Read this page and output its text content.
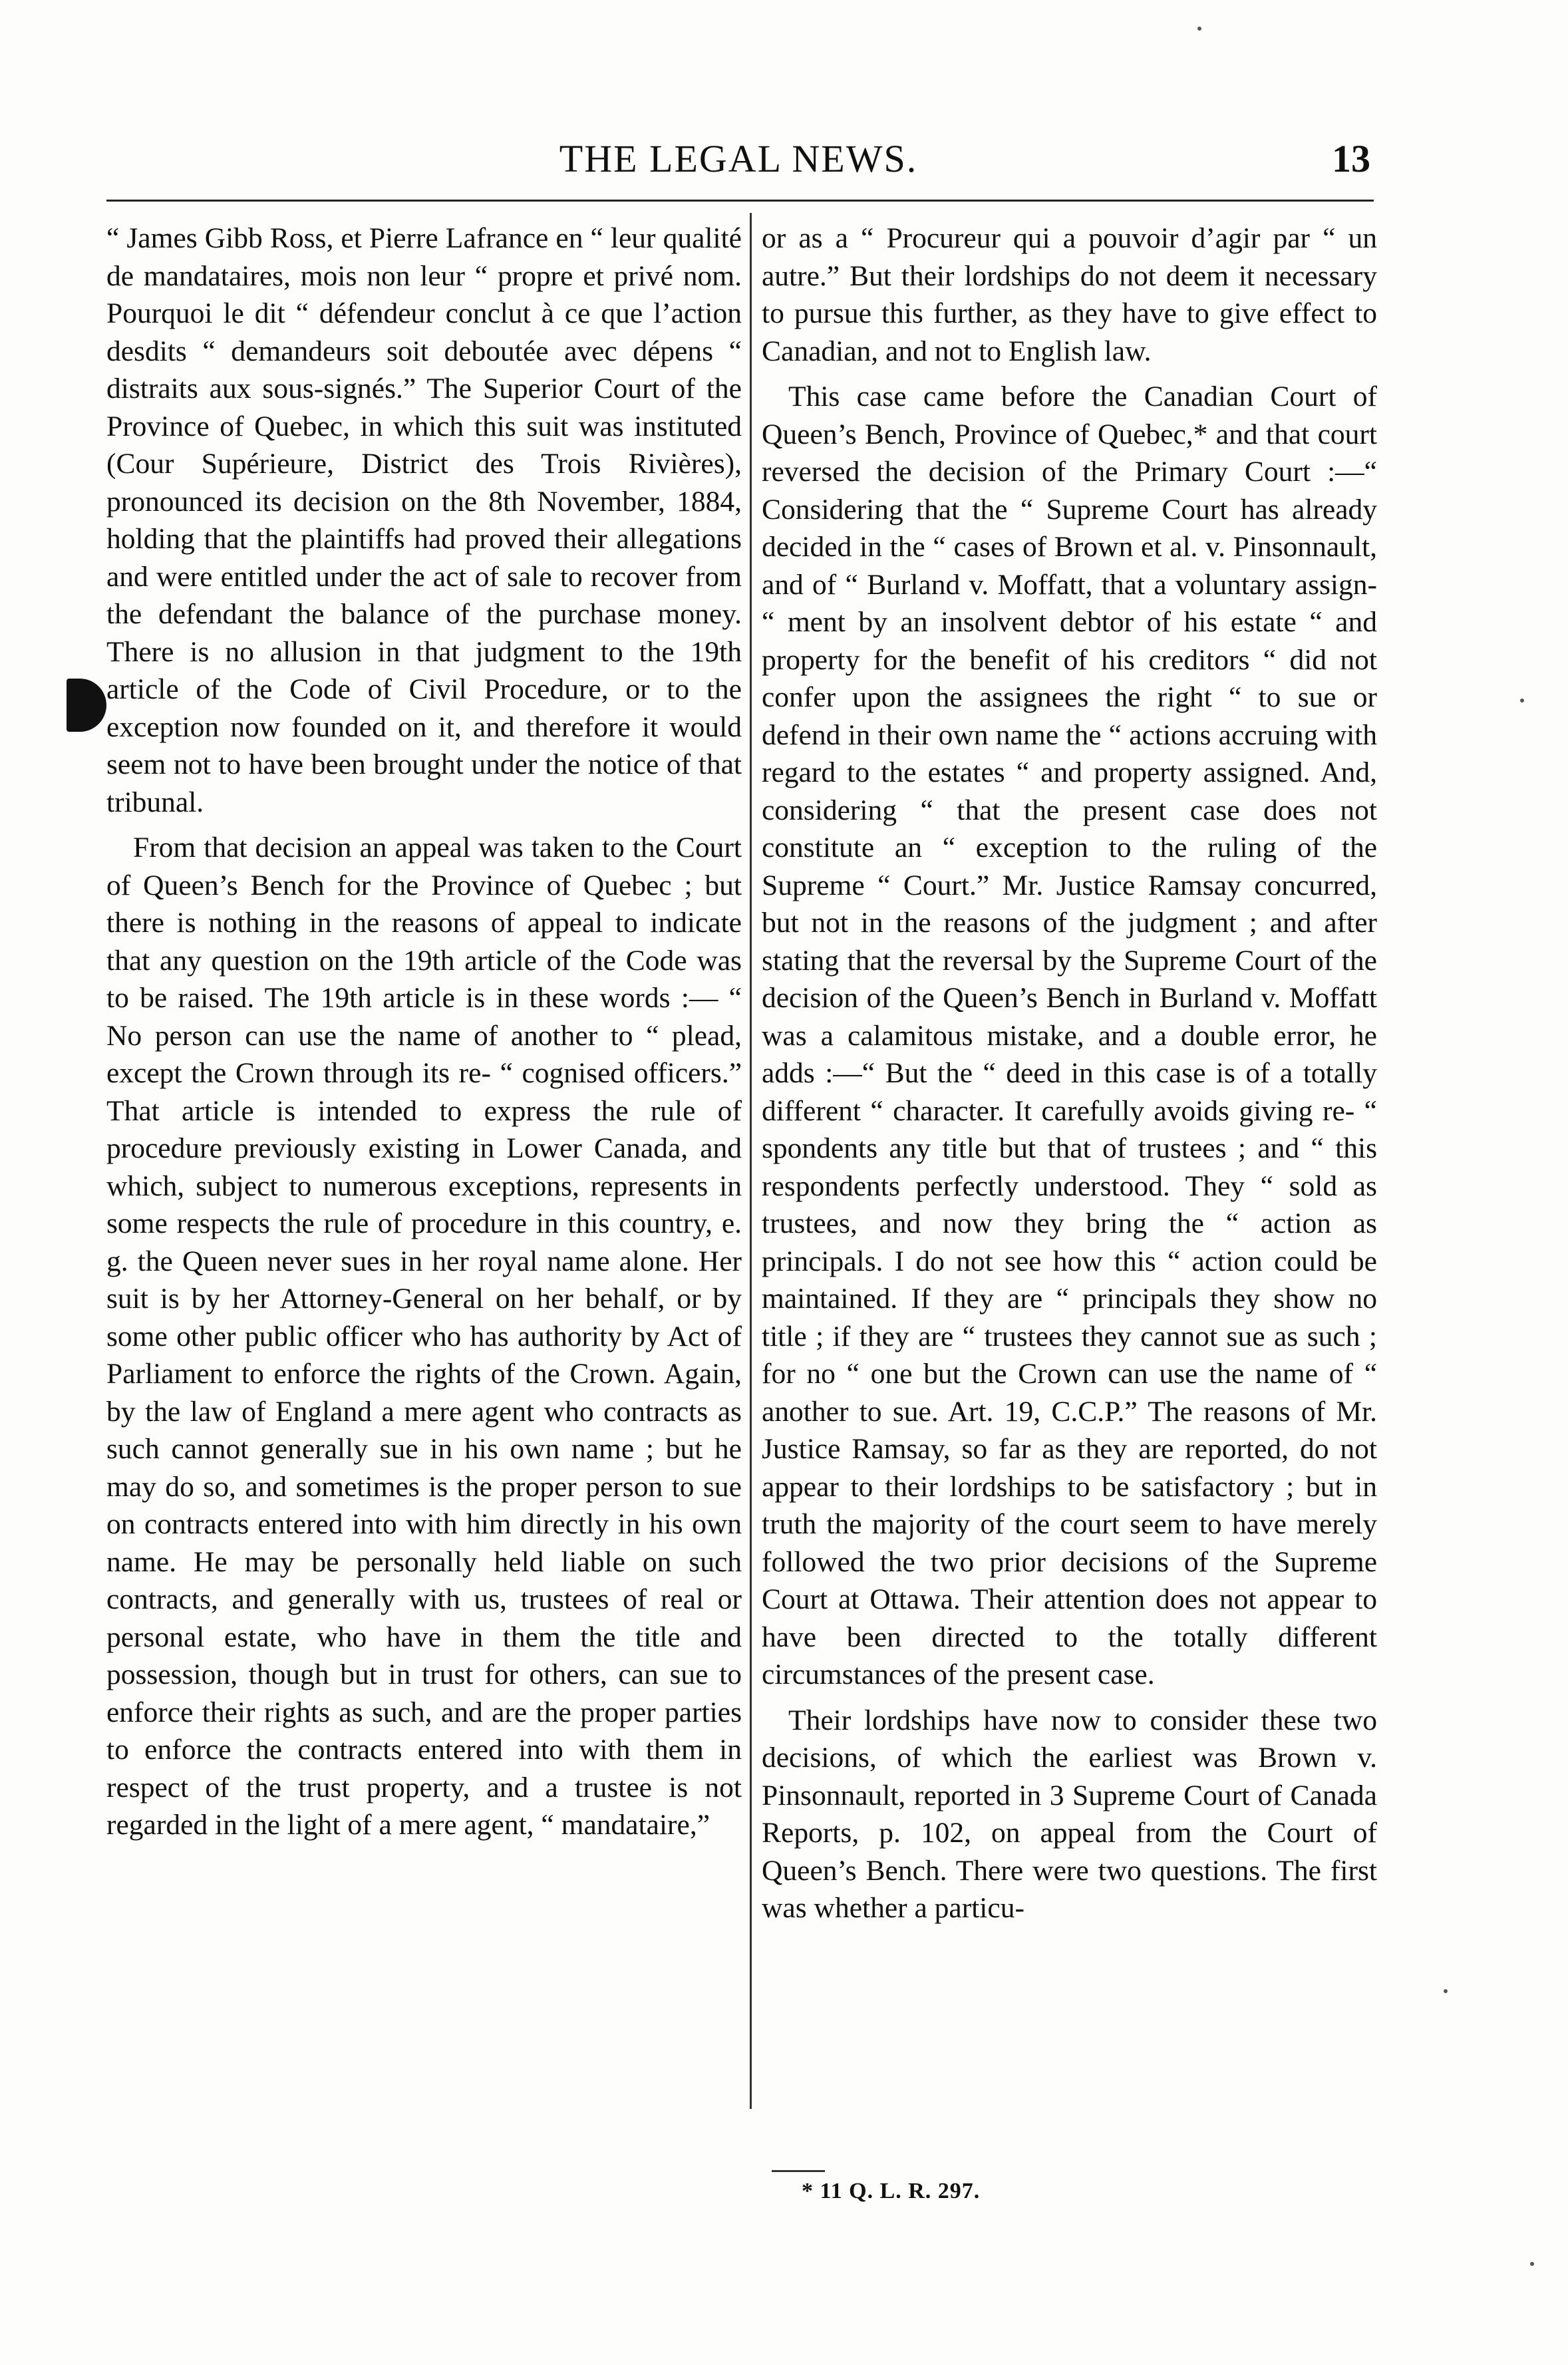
THE LEGAL NEWS.	13

“ James Gibb Ross, et Pierre Lafrance en “ leur qualité de mandataires, mois non leur “ propre et privé nom. Pourquoi le dit “ défendeur conclut à ce que l’action desdits “ demandeurs soit deboutée avec dépens “ distraits aux sous-signés.” The Superior Court of the Province of Quebec, in which this suit was instituted (Cour Supérieure, District des Trois Rivières), pronounced its decision on the 8th November, 1884, holding that the plaintiffs had proved their allegations and were entitled under the act of sale to recover from the defendant the balance of the purchase money. There is no allusion in that judgment to the 19th article of the Code of Civil Procedure, or to the exception now founded on it, and therefore it would seem not to have been brought under the notice of that tribunal.

From that decision an appeal was taken to the Court of Queen’s Bench for the Province of Quebec ; but there is nothing in the reasons of appeal to indicate that any question on the 19th article of the Code was to be raised. The 19th article is in these words :— “ No person can use the name of another to “ plead, except the Crown through its re- “ cognised officers.” That article is intended to express the rule of procedure previously existing in Lower Canada, and which, subject to numerous exceptions, represents in some respects the rule of procedure in this country, e. g. the Queen never sues in her royal name alone. Her suit is by her Attorney-General on her behalf, or by some other public officer who has authority by Act of Parliament to enforce the rights of the Crown. Again, by the law of England a mere agent who contracts as such cannot generally sue in his own name ; but he may do so, and sometimes is the proper person to sue on contracts entered into with him directly in his own name. He may be personally held liable on such contracts, and generally with us, trustees of real or personal estate, who have in them the title and possession, though but in trust for others, can sue to enforce their rights as such, and are the proper parties to enforce the contracts entered into with them in respect of the trust property, and a trustee is not regarded in the light of a mere agent, “ mandataire,”

or as a “ Procureur qui a pouvoir d’agir par “ un autre.” But their lordships do not deem it necessary to pursue this further, as they have to give effect to Canadian, and not to English law.

This case came before the Canadian Court of Queen’s Bench, Province of Quebec,* and that court reversed the decision of the Primary Court :—“ Considering that the “ Supreme Court has already decided in the “ cases of Brown et al. v. Pinsonnault, and of “ Burland v. Moffatt, that a voluntary assign- “ ment by an insolvent debtor of his estate “ and property for the benefit of his creditors “ did not confer upon the assignees the right “ to sue or defend in their own name the “ actions accruing with regard to the estates “ and property assigned. And, considering “ that the present case does not constitute an “ exception to the ruling of the Supreme “ Court.” Mr. Justice Ramsay concurred, but not in the reasons of the judgment ; and after stating that the reversal by the Supreme Court of the decision of the Queen’s Bench in Burland v. Moffatt was a calamitous mistake, and a double error, he adds :—“ But the “ deed in this case is of a totally different “ character. It carefully avoids giving re- “ spondents any title but that of trustees ; and “ this respondents perfectly understood. They “ sold as trustees, and now they bring the “ action as principals. I do not see how this “ action could be maintained. If they are “ principals they show no title ; if they are “ trustees they cannot sue as such ; for no “ one but the Crown can use the name of “ another to sue. Art. 19, C.C.P.” The reasons of Mr. Justice Ramsay, so far as they are reported, do not appear to their lordships to be satisfactory ; but in truth the majority of the court seem to have merely followed the two prior decisions of the Supreme Court at Ottawa. Their attention does not appear to have been directed to the totally different circumstances of the present case.

Their lordships have now to consider these two decisions, of which the earliest was Brown v. Pinsonnault, reported in 3 Supreme Court of Canada Reports, p. 102, on appeal from the Court of Queen’s Bench. There were two questions. The first was whether a particu-

* 11 Q. L. R. 297.
